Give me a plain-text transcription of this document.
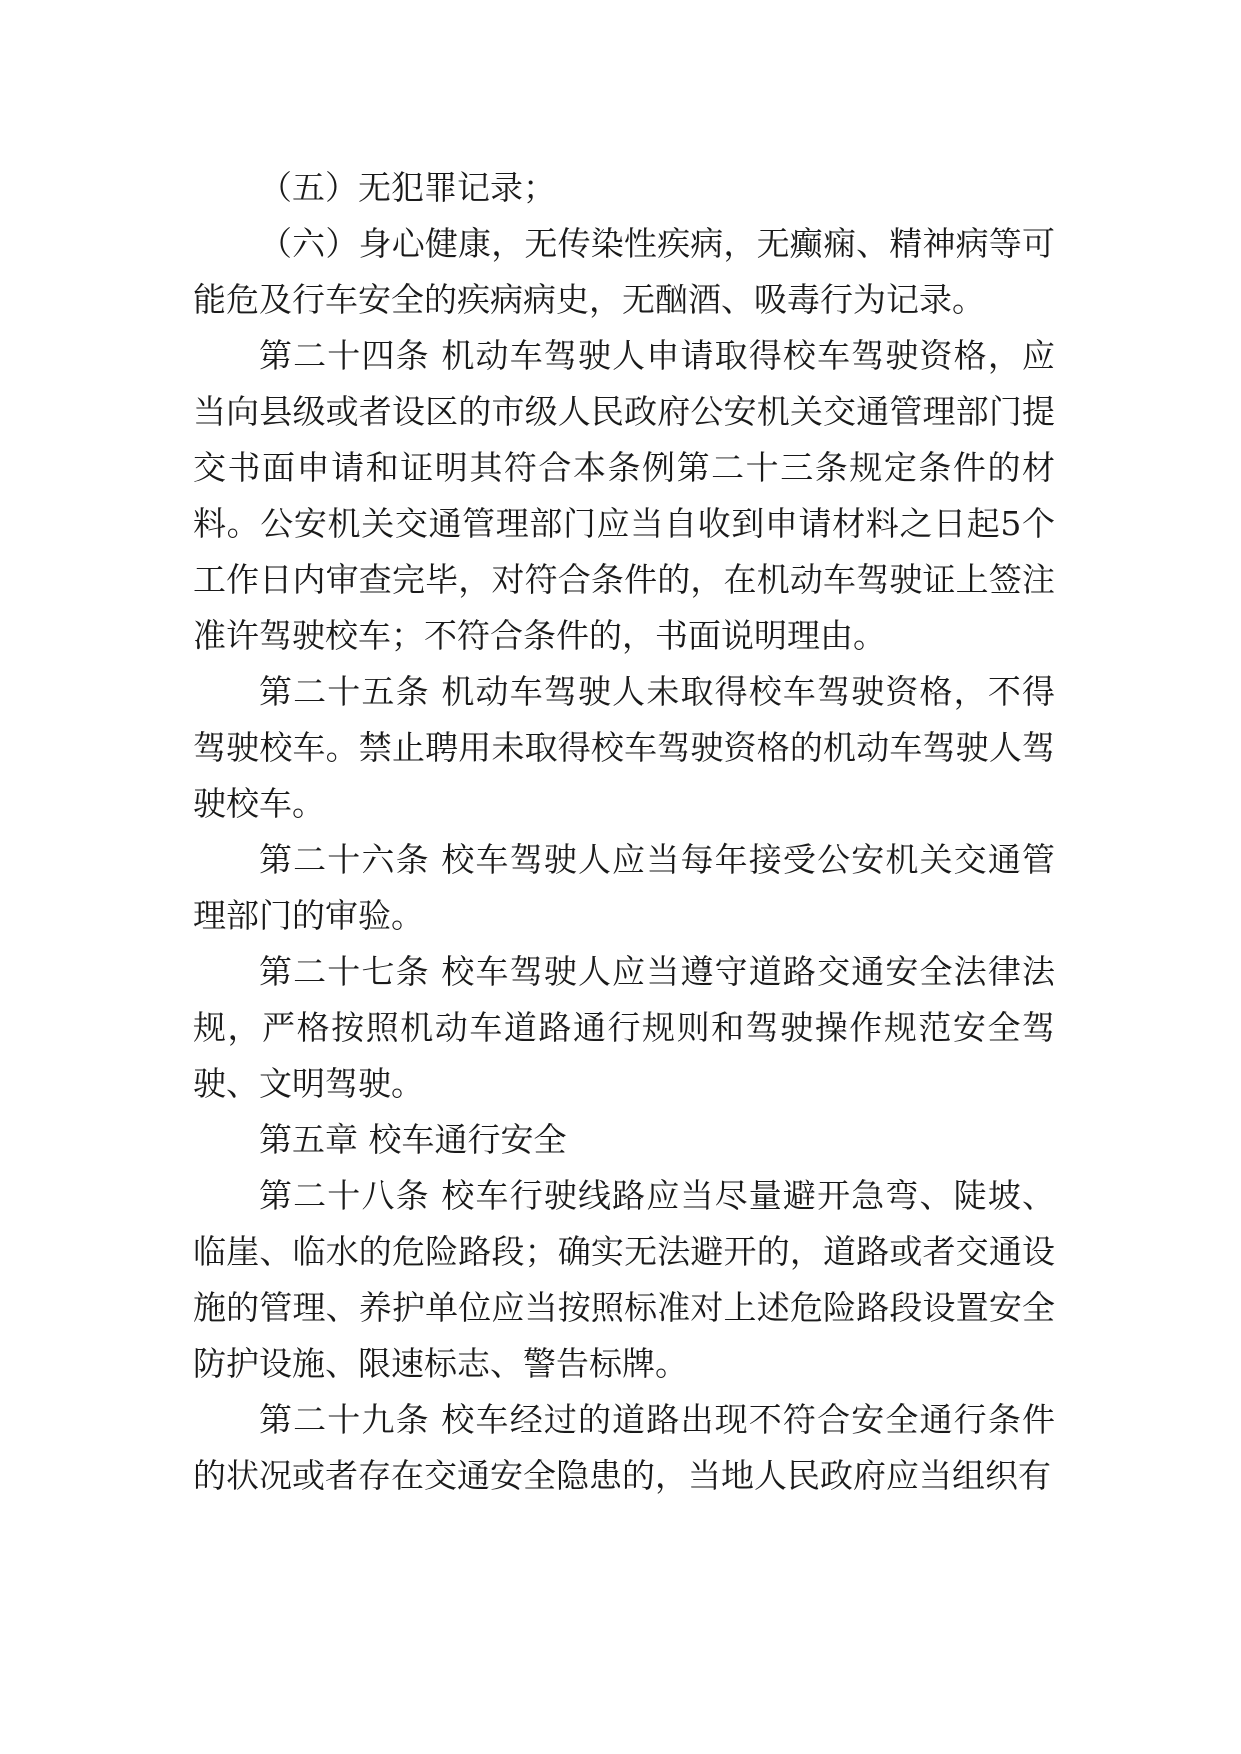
（五）无犯罪记录；

（六）身心健康，无传染性疾病，无癫痫、精神病等可能危及行车安全的疾病病史，无酗酒、吸毒行为记录。

第二十四条 机动车驾驶人申请取得校车驾驶资格，应当向县级或者设区的市级人民政府公安机关交通管理部门提交书面申请和证明其符合本条例第二十三条规定条件的材料。公安机关交通管理部门应当自收到申请材料之日起5个工作日内审查完毕，对符合条件的，在机动车驾驶证上签注准许驾驶校车；不符合条件的，书面说明理由。

第二十五条 机动车驾驶人未取得校车驾驶资格，不得驾驶校车。禁止聘用未取得校车驾驶资格的机动车驾驶人驾驶校车。

第二十六条 校车驾驶人应当每年接受公安机关交通管理部门的审验。

第二十七条 校车驾驶人应当遵守道路交通安全法律法规，严格按照机动车道路通行规则和驾驶操作规范安全驾驶、文明驾驶。

第五章 校车通行安全

第二十八条 校车行驶线路应当尽量避开急弯、陡坡、临崖、临水的危险路段；确实无法避开的，道路或者交通设施的管理、养护单位应当按照标准对上述危险路段设置安全防护设施、限速标志、警告标牌。

第二十九条 校车经过的道路出现不符合安全通行条件的状况或者存在交通安全隐患的，当地人民政府应当组织有
